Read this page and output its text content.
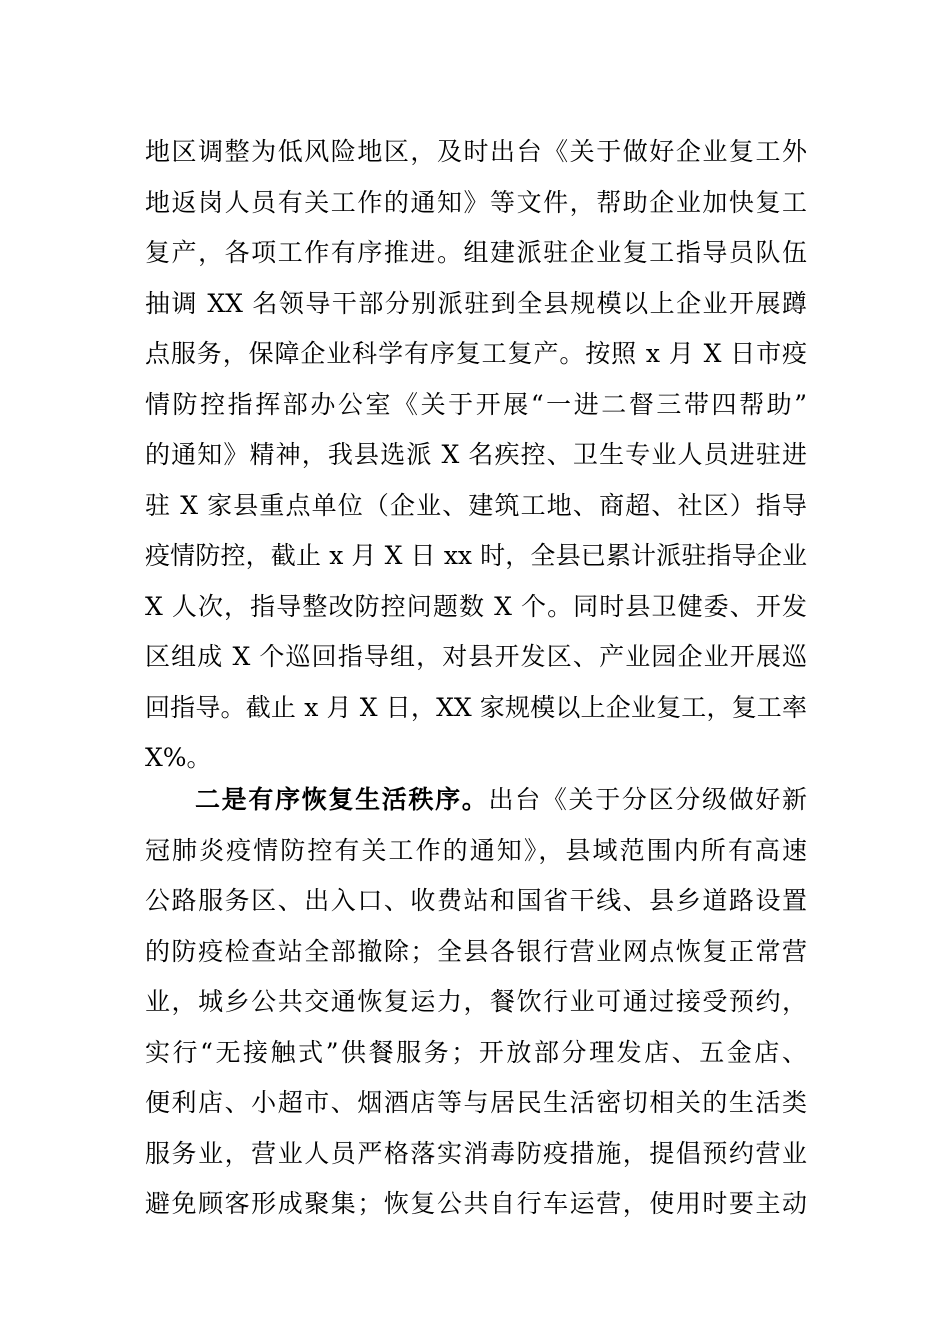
地区调整为低风险地区，及时出台《关于做好企业复工外
地返岗人员有关工作的通知》等文件，帮助企业加快复工
复产，各项工作有序推进。组建派驻企业复工指导员队伍
抽调 XX 名领导干部分别派驻到全县规模以上企业开展蹲
点服务，保障企业科学有序复工复产。按照 x 月 X 日市疫
情防控指挥部办公室《关于开展“一进二督三带四帮助”
的通知》精神，我县选派 X 名疾控、卫生专业人员进驻进
驻 X 家县重点单位（企业、建筑工地、商超、社区）指导
疫情防控，截止 x 月 X 日 xx 时，全县已累计派驻指导企业
X 人次，指导整改防控问题数 X 个。同时县卫健委、开发
区组成 X 个巡回指导组，对县开发区、产业园企业开展巡
回指导。截止 x 月 X 日，XX 家规模以上企业复工，复工率
X%。
二是有序恢复生活秩序。出台《关于分区分级做好新
冠肺炎疫情防控有关工作的通知》，县域范围内所有高速
公路服务区、出入口、收费站和国省干线、县乡道路设置
的防疫检查站全部撤除；全县各银行营业网点恢复正常营
业，城乡公共交通恢复运力，餐饮行业可通过接受预约，
实行“无接触式”供餐服务；开放部分理发店、五金店、
便利店、小超市、烟酒店等与居民生活密切相关的生活类
服务业，营业人员严格落实消毒防疫措施，提倡预约营业
避免顾客形成聚集；恢复公共自行车运营，使用时要主动
